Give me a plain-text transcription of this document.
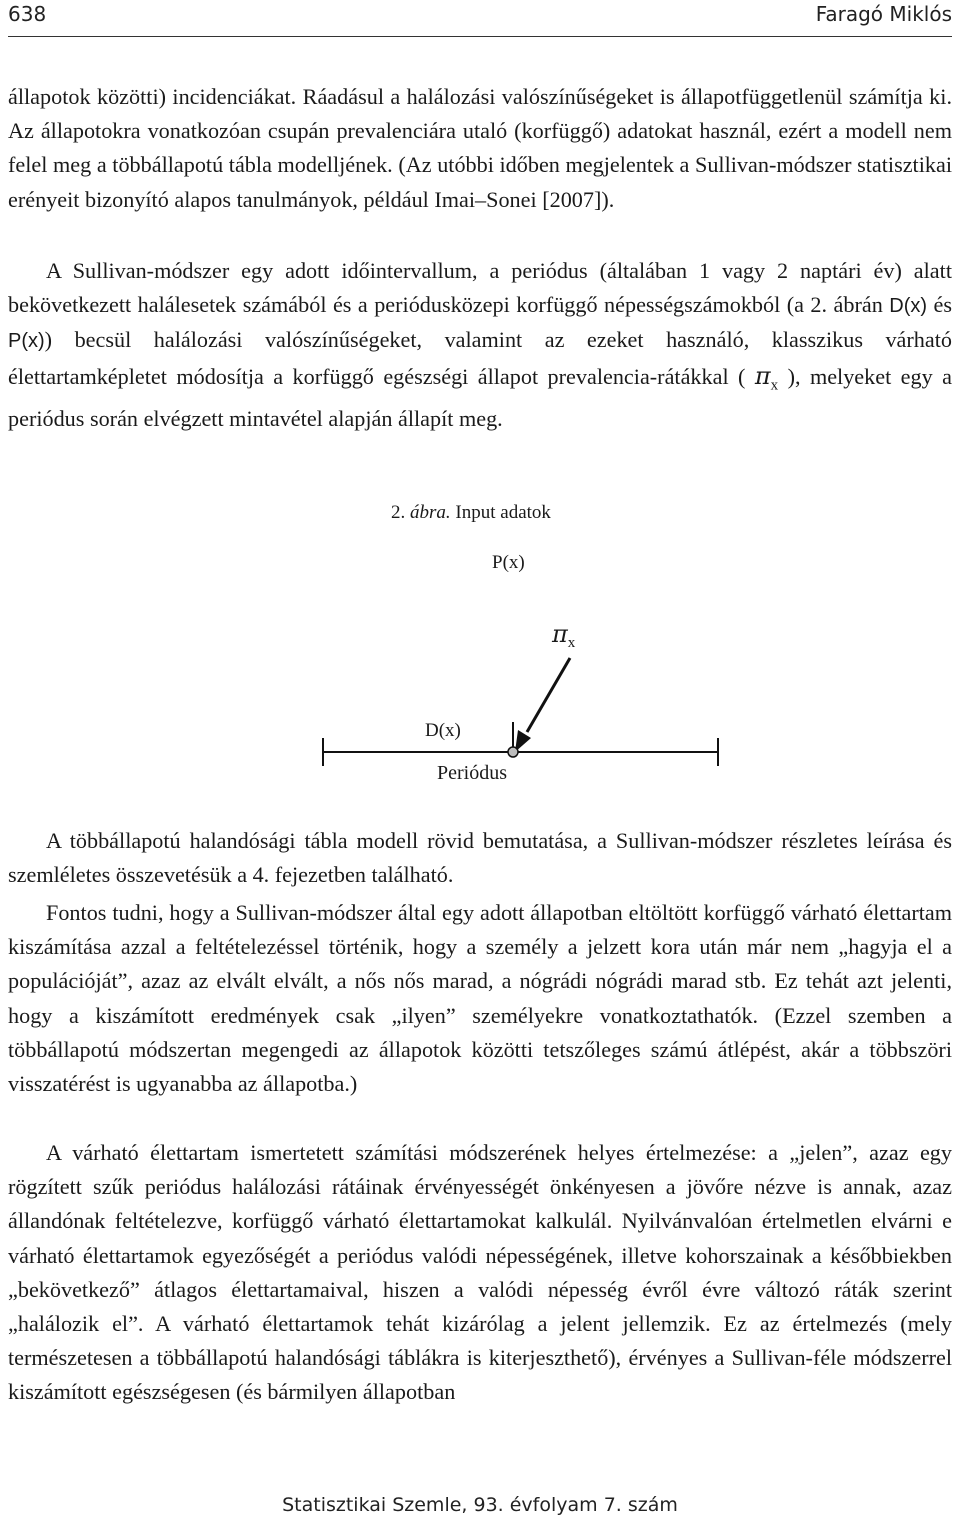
638	Faragó Miklós

állapotok közötti) incidenciákat. Ráadásul a halálozási valószínűségeket is állapotfüggetlenül számítja ki. Az állapotokra vonatkozóan csupán prevalenciára utaló (korfüggő) adatokat használ, ezért a modell nem felel meg a többállapotú tábla modelljének. (Az utóbbi időben megjelentek a Sullivan-módszer statisztikai erényeit bizonyító alapos tanulmányok, például Imai–Sonei [2007]).

A Sullivan-módszer egy adott időintervallum, a periódus (általában 1 vagy 2 naptári év) alatt bekövetkezett halálesetek számából és a periódusközepi korfüggő népességszámokból (a 2. ábrán D(x) és P(x)) becsül halálozási valószínűségeket, valamint az ezeket használó, klasszikus várható élettartamképletet módosítja a korfüggő egészségi állapot prevalencia-rátákkal ( $\pi_x$ ), melyeket egy a periódus során elvégzett mintavétel alapján állapít meg.

2. ábra. Input adatok
P(x)
$\pi_x$
D(x)
Periódus

A többállapotú halandósági tábla modell rövid bemutatása, a Sullivan-módszer részletes leírása és szemléletes összevetésük a 4. fejezetben található.

Fontos tudni, hogy a Sullivan-módszer által egy adott állapotban eltöltött korfüggő várható élettartam kiszámítása azzal a feltételezéssel történik, hogy a személy a jelzett kora után már nem „hagyja el a populációját”, azaz az elvált elvált, a nős nős marad, a nógrádi nógrádi marad stb. Ez tehát azt jelenti, hogy a kiszámított eredmények csak „ilyen” személyekre vonatkoztathatók. (Ezzel szemben a többállapotú módszertan megengedi az állapotok közötti tetszőleges számú átlépést, akár a többszöri visszatérést is ugyanabba az állapotba.)

A várható élettartam ismertetett számítási módszerének helyes értelmezése: a „jelen”, azaz egy rögzített szűk periódus halálozási rátáinak érvényességét önkényesen a jövőre nézve is annak, azaz állandónak feltételezve, korfüggő várható élettartamokat kalkulál. Nyilvánvalóan értelmetlen elvárni e várható élettartamok egyezőségét a periódus valódi népességének, illetve kohorszainak a későbbiekben „bekövetkező” átlagos élettartamaival, hiszen a valódi népesség évről évre változó ráták szerint „halálozik el”. A várható élettartamok tehát kizárólag a jelent jellemzik. Ez az értelmezés (mely természetesen a többállapotú halandósági táblákra is kiterjeszthető), érvényes a Sullivan-féle módszerrel kiszámított egészségesen (és bármilyen állapotban

Statisztikai Szemle, 93. évfolyam 7. szám
